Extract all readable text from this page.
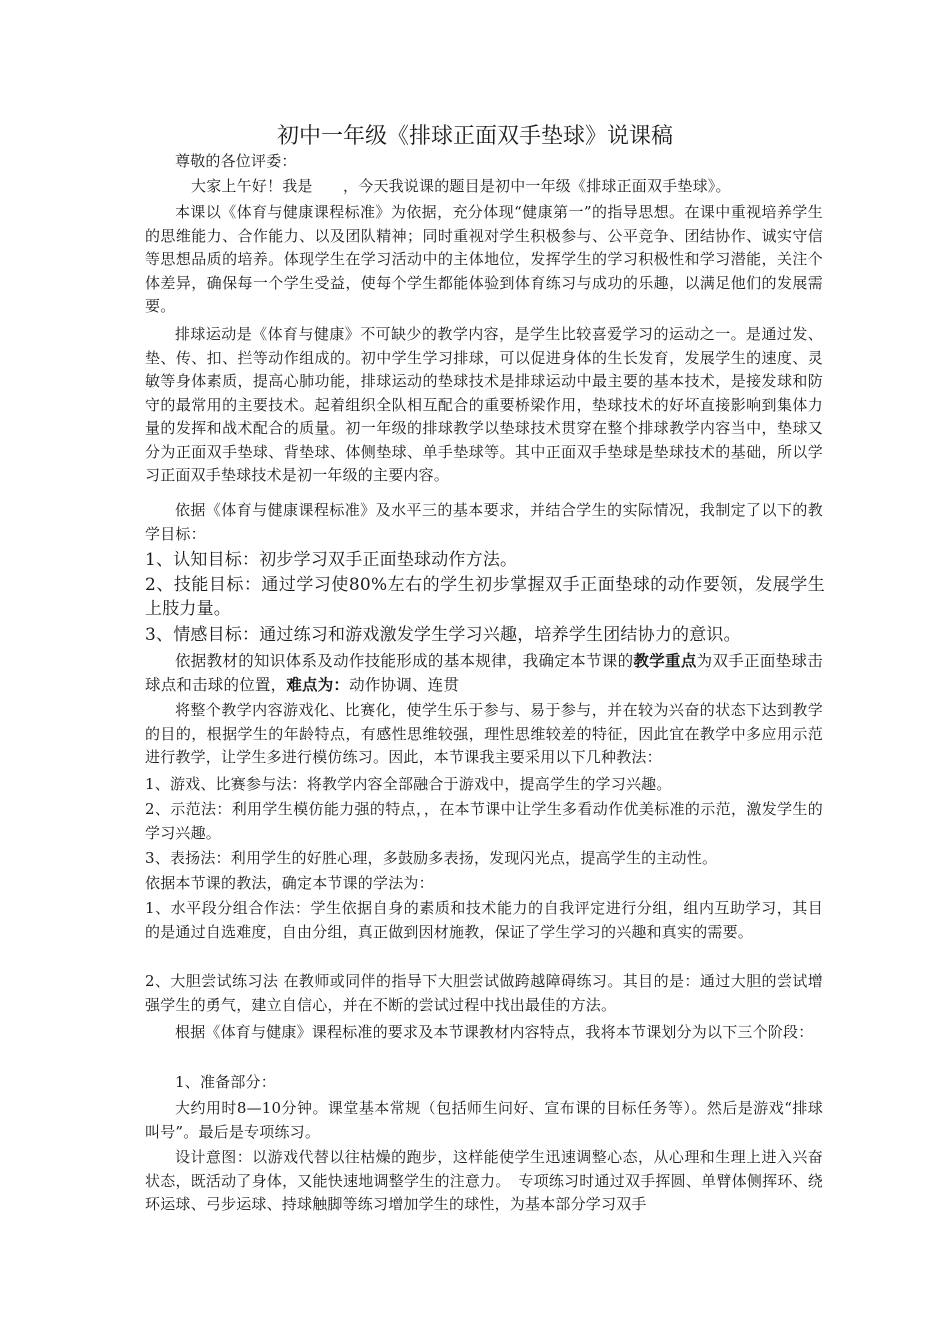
初中一年级《排球正面双手垫球》说课稿
尊敬的各位评委：
大家上午好！我是　　，今天我说课的题目是初中一年级《排球正面双手垫球》。
本课以《体育与健康课程标准》为依据，充分体现“健康第一”的指导思想。在课中重视培养学生的思维能力、合作能力、以及团队精神；同时重视对学生积极参与、公平竞争、团结协作、诚实守信等思想品质的培养。体现学生在学习活动中的主体地位，发挥学生的学习积极性和学习潜能，关注个体差异，确保每一个学生受益，使每个学生都能体验到体育练习与成功的乐趣，以满足他们的发展需要。
排球运动是《体育与健康》不可缺少的教学内容，是学生比较喜爱学习的运动之一。是通过发、垫、传、扣、拦等动作组成的。初中学生学习排球，可以促进身体的生长发育，发展学生的速度、灵敏等身体素质，提高心肺功能，排球运动的垫球技术是排球运动中最主要的基本技术，是接发球和防守的最常用的主要技术。起着组织全队相互配合的重要桥梁作用，垫球技术的好坏直接影响到集体力量的发挥和战术配合的质量。初一年级的排球教学以垫球技术贯穿在整个排球教学内容当中，垫球又分为正面双手垫球、背垫球、体侧垫球、单手垫球等。其中正面双手垫球是垫球技术的基础，所以学习正面双手垫球技术是初一年级的主要内容。
依据《体育与健康课程标准》及水平三的基本要求，并结合学生的实际情况，我制定了以下的教学目标：
1、认知目标：初步学习双手正面垫球动作方法。
2、技能目标：通过学习使80%左右的学生初步掌握双手正面垫球的动作要领，发展学生上肢力量。
3、情感目标：通过练习和游戏激发学生学习兴趣，培养学生团结协力的意识。
依据教材的知识体系及动作技能形成的基本规律，我确定本节课的教学重点为双手正面垫球击球点和击球的位置，难点为：动作协调、连贯
将整个教学内容游戏化、比赛化，使学生乐于参与、易于参与，并在较为兴奋的状态下达到教学的目的，根据学生的年龄特点，有感性思维较强，理性思维较差的特征，因此宜在教学中多应用示范进行教学，让学生多进行模仿练习。因此，本节课我主要采用以下几种教法：
1、游戏、比赛参与法：将教学内容全部融合于游戏中，提高学生的学习兴趣。
2、示范法：利用学生模仿能力强的特点，，在本节课中让学生多看动作优美标准的示范，激发学生的学习兴趣。
3、表扬法：利用学生的好胜心理，多鼓励多表扬，发现闪光点，提高学生的主动性。
依据本节课的教法，确定本节课的学法为：
1、水平段分组合作法：学生依据自身的素质和技术能力的自我评定进行分组，组内互助学习，其目的是通过自选难度，自由分组，真正做到因材施教，保证了学生学习的兴趣和真实的需要。
2、大胆尝试练习法 在教师或同伴的指导下大胆尝试做跨越障碍练习。其目的是：通过大胆的尝试增强学生的勇气，建立自信心，并在不断的尝试过程中找出最佳的方法。
根据《体育与健康》课程标准的要求及本节课教材内容特点，我将本节课划分为以下三个阶段：
1、准备部分：
大约用时8—10分钟。课堂基本常规（包括师生问好、宣布课的目标任务等）。然后是游戏“排球叫号”。最后是专项练习。
设计意图：以游戏代替以往枯燥的跑步，这样能使学生迅速调整心态，从心理和生理上进入兴奋状态，既活动了身体，又能快速地调整学生的注意力。　专项练习时通过双手挥圆、单臂体侧挥环、绕环运球、弓步运球、持球触脚等练习增加学生的球性，为基本部分学习双手
